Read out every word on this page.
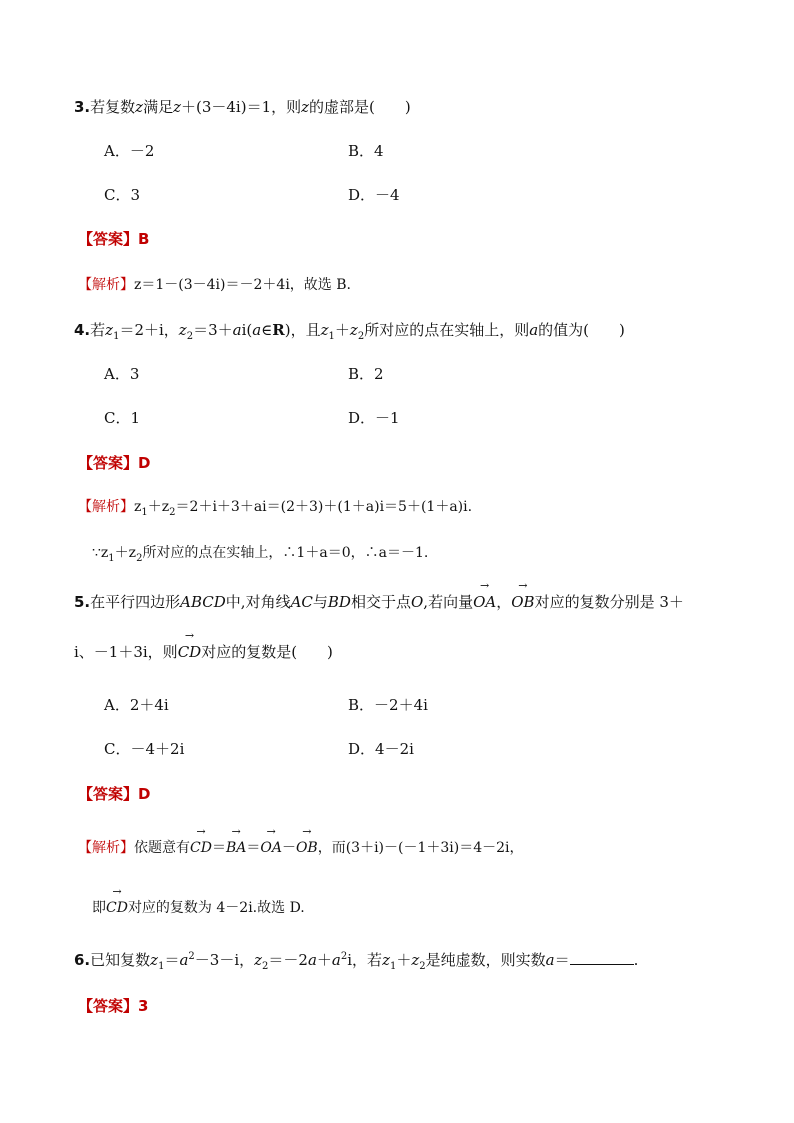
3.若复数z满足z＋(3－4i)＝1，则z的虚部是(　　)
A．－2	B．4
C．3	D．－4
【答案】B
【解析】z＝1－(3－4i)＝－2＋4i，故选 B.
4.若$z_1=2+i$，$z_2=3+ai(a\in R)$，且$z_1+z_2$所对应的点在实轴上，则a的值为(　　)
A．3	B．2
C．1	D．－1
【答案】D
【解析】$z_1+z_2=2+i+3+ai=(2+3)+(1+a)i=5+(1+a)i$.
$\because z_1+z_2$所对应的点在实轴上，∴1＋a＝0，∴a＝－1.
5.在平行四边形ABCD中,对角线AC与BD相交于点O,若向量→ OA，→ OB对应的复数分别是 3＋
i、－1＋3i，则→ CD对应的复数是(　　)
A．2＋4i	B．－2＋4i
C．－4＋2i	D．4－2i
【答案】D
【解析】依题意有→ CD＝→ BA＝→ OA－→ OB，而(3＋i)－(－1＋3i)＝4－2i，
即→ CD对应的复数为 4－2i.故选 D.
6.已知复数$z_1=a^2-3-i$，$z_2=-2a+a^2i$，若$z_1+z_2$是纯虚数，则实数a＝	.
【答案】3
